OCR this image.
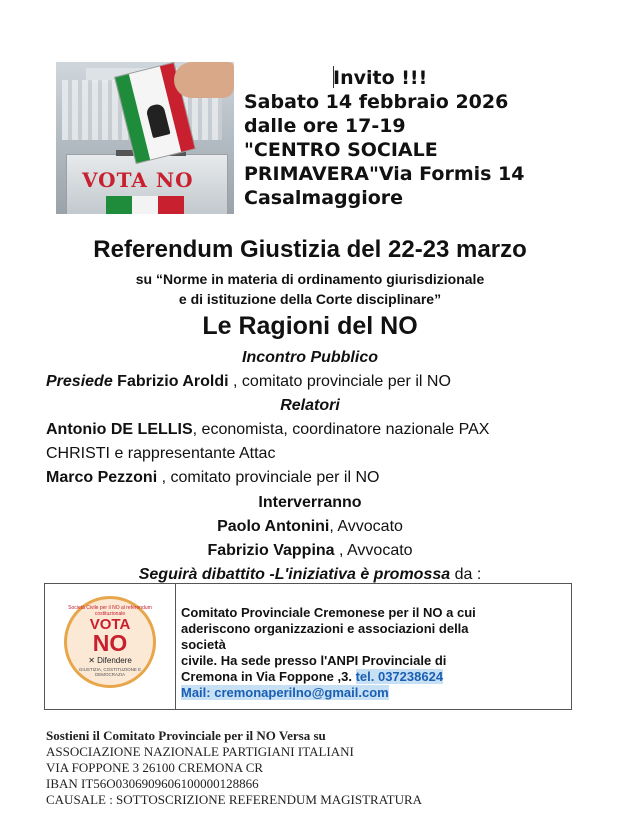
VOTA NO
Invito !!!
Sabato 14 febbraio 2026
dalle ore 17-19
"CENTRO SOCIALE
PRIMAVERA"Via Formis 14
Casalmaggiore
Referendum Giustizia del 22-23 marzo
su “Norme in materia di ordinamento giurisdizionale
e di istituzione della Corte disciplinare”
Le Ragioni del NO
Incontro Pubblico
Presiede Fabrizio Aroldi , comitato provinciale per il NO
Relatori
Antonio DE LELLIS, economista, coordinatore nazionale PAX
CHRISTI e rappresentante Attac
Marco Pezzoni , comitato provinciale per il NO
Interverranno
Paolo Antonini, Avvocato
Fabrizio Vappina , Avvocato
Seguirà dibattito -L'iniziativa è promossa da :
Società Civile per il NO al referendum costituzionale
VOTA
NO
✕ Difendere
GIUSTIZIA, COSTITUZIONE E DEMOCRAZIA
Comitato Provinciale Cremonese per il NO a cui
aderiscono organizzazioni e associazioni della
società
civile. Ha sede presso l'ANPI Provinciale di
Cremona in Via Foppone ,3. tel. 037238624
Mail: cremonaperilno@gmail.com
Sostieni il Comitato Provinciale per il NO Versa su
ASSOCIAZIONE NAZIONALE PARTIGIANI ITALIANI
VIA FOPPONE 3 26100 CREMONA CR
IBAN IT56O0306909606100000128866
CAUSALE : SOTTOSCRIZIONE REFERENDUM MAGISTRATURA
